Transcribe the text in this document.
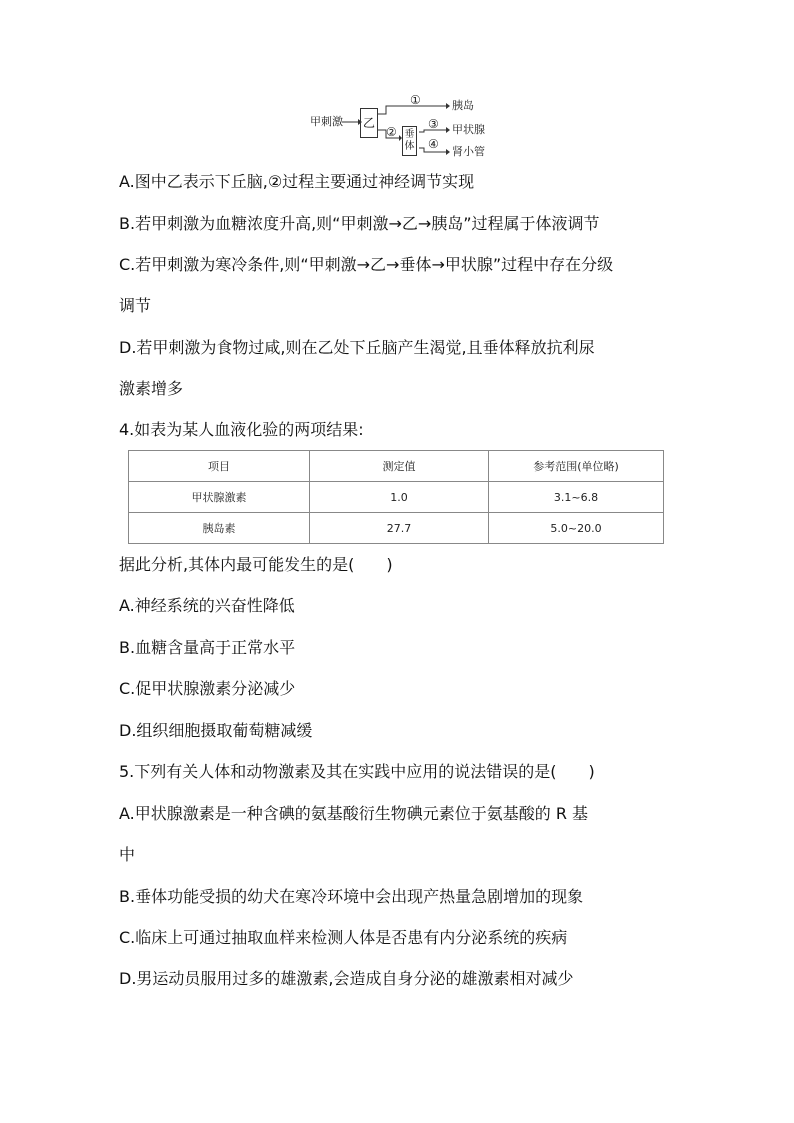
甲刺激 乙
①
② 垂体
③
④
胰岛
甲状腺
肾小管
A.图中乙表示下丘脑,②过程主要通过神经调节实现
B.若甲刺激为血糖浓度升高,则“甲刺激→乙→胰岛”过程属于体液调节
C.若甲刺激为寒冷条件,则“甲刺激→乙→垂体→甲状腺”过程中存在分级
调节
D.若甲刺激为食物过咸,则在乙处下丘脑产生渴觉,且垂体释放抗利尿
激素增多
4.如表为某人血液化验的两项结果:
项目	测定值	参考范围(单位略)
甲状腺激素	1.0	3.1~6.8
胰岛素	27.7	5.0~20.0
据此分析,其体内最可能发生的是(　　)
A.神经系统的兴奋性降低
B.血糖含量高于正常水平
C.促甲状腺激素分泌减少
D.组织细胞摄取葡萄糖减缓
5.下列有关人体和动物激素及其在实践中应用的说法错误的是(　　)
A.甲状腺激素是一种含碘的氨基酸衍生物碘元素位于氨基酸的 R 基
中
B.垂体功能受损的幼犬在寒冷环境中会出现产热量急剧增加的现象
C.临床上可通过抽取血样来检测人体是否患有内分泌系统的疾病
D.男运动员服用过多的雄激素,会造成自身分泌的雄激素相对减少
